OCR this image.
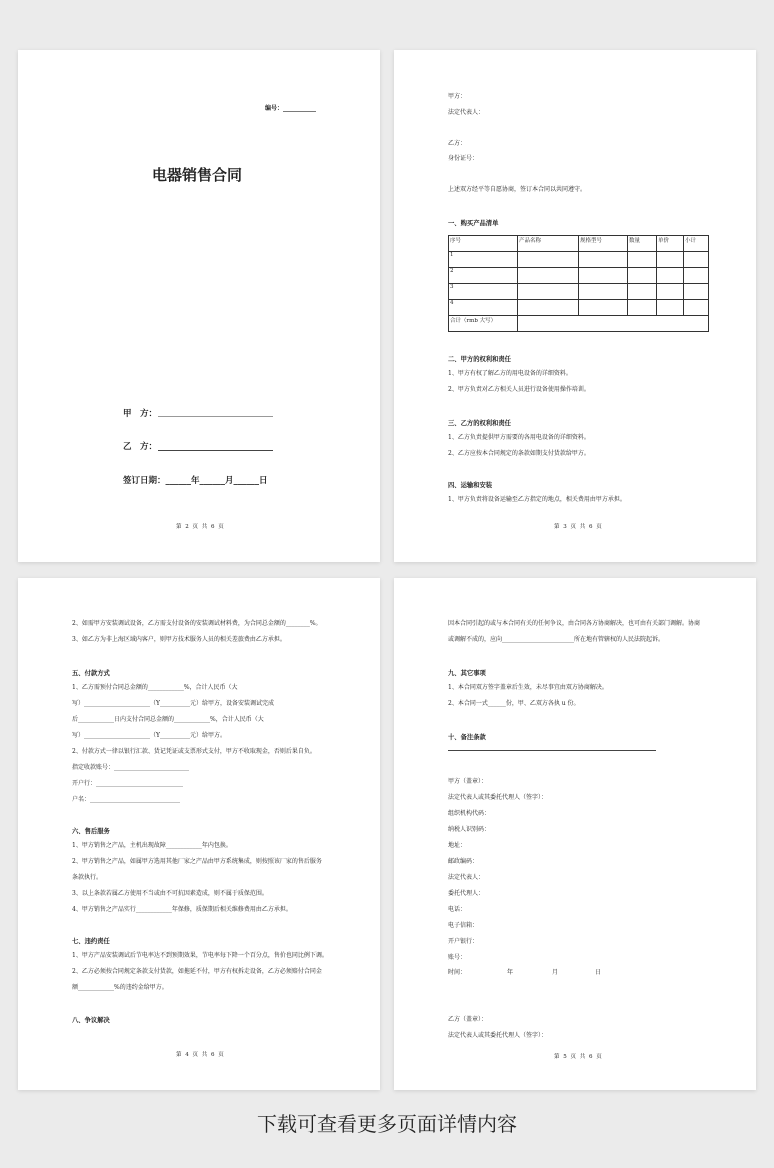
编号：___________
电器销售合同
甲　方：
乙　方：
签订日期：______年______月______日
第 2 页 共 6 页
甲方：
法定代表人：
乙方：
身份证号：
上述双方经平等自愿协商，签订本合同以共同遵守。
一、购买产品清单
序号	产品名称	规格型号	数量	单价	小计
1					
2					
3					
4					
合计（rmb 大写）					
二、甲方的权利和责任
1、甲方有权了解乙方的用电设备的详细资料。
2、甲方负责对乙方相关人员进行设备使用操作培训。
三、乙方的权利和责任
1、乙方负责提供甲方需要的各用电设备的详细资料。
2、乙方应按本合同规定的条款如期支付货款给甲方。
四、运输和安装
1、甲方负责将设备运输至乙方指定的地点，相关费用由甲方承担。
第 3 页 共 6 页
2、如需甲方安装调试设备，乙方需支付设备的安装调试材料费，为合同总金额的________%。
3、如乙方为非上海区域内客户，则甲方技术服务人员的相关差旅费由乙方承担。
五、付款方式
1、乙方需预付合同总金额的____________%，合计人民币（大
写）______________________（Y__________元）给甲方，设备安装调试完成
后____________日内支付合同总金额的____________%，合计人民币（大
写）______________________（Y__________元）给甲方。
2、付款方式一律以银行汇款、货记凭证或支票形式支付，甲方不收取现金，否则后果自负。
指定收款账号：_________________________
开户行：_____________________________
户名：______________________________
六、售后服务
1、甲方销售之产品，主机出现故障____________年内包换。
2、甲方销售之产品，如属甲方选用其他厂家之产品由甲方系统集成，则按照该厂家的售后服务
条款执行。
3、以上条款若属乙方使用不当或由不可抗因素造成，则不属于质保范围。
4、甲方销售之产品实行____________年保修，质保期后相关维修费用由乙方承担。
七、违约责任
1、甲方产品安装调试后节电率达不到预期效果，节电率每下降一个百分点，售价也同比例下调。
2、乙方必须按合同规定条款支付货款，如拖延不付，甲方有权拆走设备，乙方必须赔付合同金
额____________%的违约金给甲方。
八、争议解决
第 4 页 共 6 页
因本合同引起的或与本合同有关的任何争议，由合同各方协商解决，也可由有关部门调解。协商
或调解不成的，应向________________________所在地有管辖权的人民法院起诉。
九、其它事项
1、本合同双方签字盖章后生效，未尽事宜由双方协商解决。
2、本合同一式______份，甲、乙双方各执 u 份。
十、备注条款
甲方（盖章）：
法定代表人或其委托代理人（签字）：
组织机构代码：
纳税人识别码：
地址：
邮政编码：
法定代表人：
委托代理人：
电话：
电子信箱：
开户银行：
账号：
时间：	年	月	日
乙方（盖章）：
法定代表人或其委托代理人（签字）：
第 5 页 共 6 页
下载可查看更多页面详情内容
